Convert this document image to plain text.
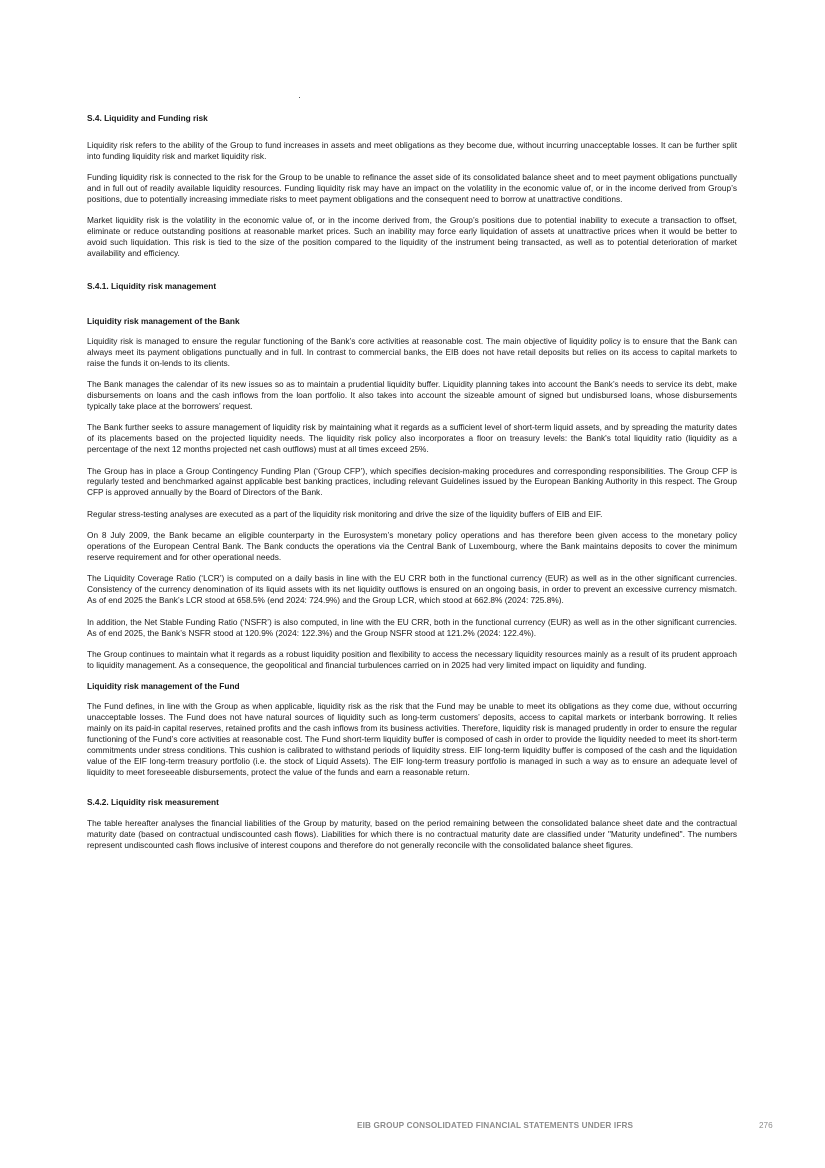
S.4. Liquidity and Funding risk

Liquidity risk refers to the ability of the Group to fund increases in assets and meet obligations as they become due, without incurring unacceptable losses. It can be further split into funding liquidity risk and market liquidity risk.

Funding liquidity risk is connected to the risk for the Group to be unable to refinance the asset side of its consolidated balance sheet and to meet payment obligations punctually and in full out of readily available liquidity resources. Funding liquidity risk may have an impact on the volatility in the economic value of, or in the income derived from Group’s positions, due to potentially increasing immediate risks to meet payment obligations and the consequent need to borrow at unattractive conditions.

Market liquidity risk is the volatility in the economic value of, or in the income derived from, the Group’s positions due to potential inability to execute a transaction to offset, eliminate or reduce outstanding positions at reasonable market prices. Such an inability may force early liquidation of assets at unattractive prices when it would be better to avoid such liquidation. This risk is tied to the size of the position compared to the liquidity of the instrument being transacted, as well as to potential deterioration of market availability and efficiency.

S.4.1. Liquidity risk management
Liquidity risk management of the Bank

Liquidity risk is managed to ensure the regular functioning of the Bank’s core activities at reasonable cost. The main objective of liquidity policy is to ensure that the Bank can always meet its payment obligations punctually and in full. In contrast to commercial banks, the EIB does not have retail deposits but relies on its access to capital markets to raise the funds it on-lends to its clients.

The Bank manages the calendar of its new issues so as to maintain a prudential liquidity buffer. Liquidity planning takes into account the Bank’s needs to service its debt, make disbursements on loans and the cash inflows from the loan portfolio. It also takes into account the sizeable amount of signed but undisbursed loans, whose disbursements typically take place at the borrowers’ request.

The Bank further seeks to assure management of liquidity risk by maintaining what it regards as a sufficient level of short-term liquid assets, and by spreading the maturity dates of its placements based on the projected liquidity needs. The liquidity risk policy also incorporates a floor on treasury levels: the Bank's total liquidity ratio (liquidity as a percentage of the next 12 months projected net cash outflows) must at all times exceed 25%.

The Group has in place a Group Contingency Funding Plan (‘Group CFP’), which specifies decision-making procedures and corresponding responsibilities. The Group CFP is regularly tested and benchmarked against applicable best banking practices, including relevant Guidelines issued by the European Banking Authority in this respect. The Group CFP is approved annually by the Board of Directors of the Bank.

Regular stress-testing analyses are executed as a part of the liquidity risk monitoring and drive the size of the liquidity buffers of EIB and EIF.

On 8 July 2009, the Bank became an eligible counterparty in the Eurosystem’s monetary policy operations and has therefore been given access to the monetary policy operations of the European Central Bank. The Bank conducts the operations via the Central Bank of Luxembourg, where the Bank maintains deposits to cover the minimum reserve requirement and for other operational needs.

The Liquidity Coverage Ratio (‘LCR’) is computed on a daily basis in line with the EU CRR both in the functional currency (EUR) as well as in the other significant currencies. Consistency of the currency denomination of its liquid assets with its net liquidity outflows is ensured on an ongoing basis, in order to prevent an excessive currency mismatch. As of end 2025 the Bank’s LCR stood at 658.5% (end 2024: 724.9%) and the Group LCR, which stood at 662.8% (2024: 725.8%).

In addition, the Net Stable Funding Ratio (‘NSFR’) is also computed, in line with the EU CRR, both in the functional currency (EUR) as well as in the other significant currencies. As of end 2025, the Bank’s NSFR stood at 120.9% (2024: 122.3%) and the Group NSFR stood at 121.2% (2024: 122.4%).

The Group continues to maintain what it regards as a robust liquidity position and flexibility to access the necessary liquidity resources mainly as a result of its prudent approach to liquidity management. As a consequence, the geopolitical and financial turbulences carried on in 2025 had very limited impact on liquidity and funding.

Liquidity risk management of the Fund

The Fund defines, in line with the Group as when applicable, liquidity risk as the risk that the Fund may be unable to meet its obligations as they come due, without occurring unacceptable losses. The Fund does not have natural sources of liquidity such as long-term customers’ deposits, access to capital markets or interbank borrowing. It relies mainly on its paid-in capital reserves, retained profits and the cash inflows from its business activities. Therefore, liquidity risk is managed prudently in order to ensure the regular functioning of the Fund’s core activities at reasonable cost. The Fund short-term liquidity buffer is composed of cash in order to provide the liquidity needed to meet its short-term commitments under stress conditions. This cushion is calibrated to withstand periods of liquidity stress. EIF long-term liquidity buffer is composed of the cash and the liquidation value of the EIF long-term treasury portfolio (i.e. the stock of Liquid Assets). The EIF long-term treasury portfolio is managed in such a way as to ensure an adequate level of liquidity to meet foreseeable disbursements, protect the value of the funds and earn a reasonable return.

S.4.2. Liquidity risk measurement

The table hereafter analyses the financial liabilities of the Group by maturity, based on the period remaining between the consolidated balance sheet date and the contractual maturity date (based on contractual undiscounted cash flows). Liabilities for which there is no contractual maturity date are classified under "Maturity undefined". The numbers represent undiscounted cash flows inclusive of interest coupons and therefore do not generally reconcile with the consolidated balance sheet figures.

EIB GROUP CONSOLIDATED FINANCIAL STATEMENTS UNDER IFRS	276
